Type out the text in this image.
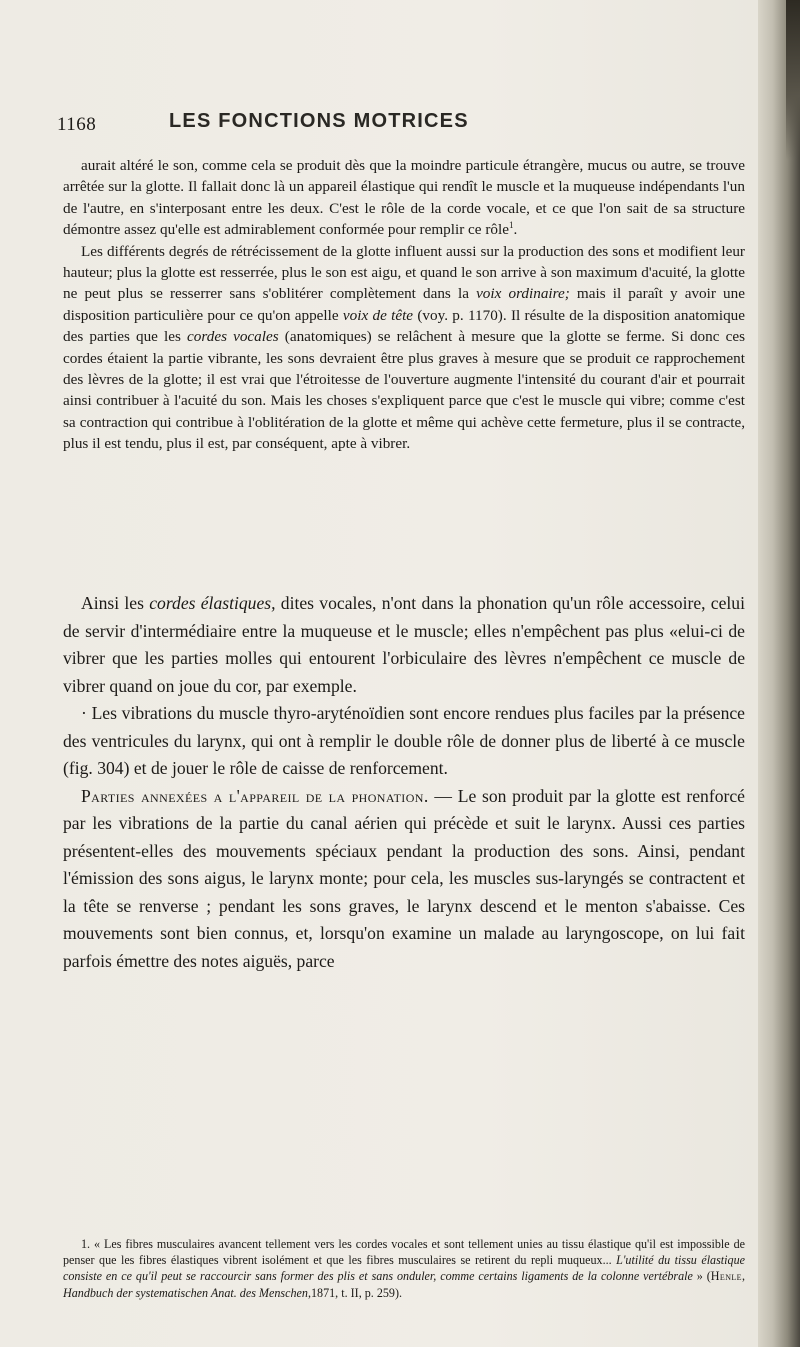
1168	LES FONCTIONS MOTRICES

aurait altéré le son, comme cela se produit dès que la moindre particule étrangère, mucus ou autre, se trouve arrêtée sur la glotte. Il fallait donc là un appareil élastique qui rendît le muscle et la muqueuse indépendants l'un de l'autre, en s'interposant entre les deux. C'est le rôle de la corde vocale, et ce que l'on sait de sa structure démontre assez qu'elle est admirablement conformée pour remplir ce rôle$^1$.

Les différents degrés de rétrécissement de la glotte influent aussi sur la production des sons et modifient leur hauteur; plus la glotte est resserrée, plus le son est aigu, et quand le son arrive à son maximum d'acuité, la glotte ne peut plus se resserrer sans s'oblitérer complètement dans la voix ordinaire; mais il paraît y avoir une disposition particulière pour ce qu'on appelle voix de tête (voy. p. 1170). Il résulte de la disposition anatomique des parties que les cordes vocales (anatomiques) se relâchent à mesure que la glotte se ferme. Si donc ces cordes étaient la partie vibrante, les sons devraient être plus graves à mesure que se produit ce rapprochement des lèvres de la glotte; il est vrai que l'étroitesse de l'ouverture augmente l'intensité du courant d'air et pourrait ainsi contribuer à l'acuité du son. Mais les choses s'expliquent parce que c'est le muscle qui vibre; comme c'est sa contraction qui contribue à l'oblitération de la glotte et même qui achève cette fermeture, plus il se contracte, plus il est tendu, plus il est, par conséquent, apte à vibrer.

Ainsi les cordes élastiques, dites vocales, n'ont dans la phonation qu'un rôle accessoire, celui de servir d'intermédiaire entre la muqueuse et le muscle; elles n'empêchent pas plus «elui-ci de vibrer que les parties molles qui entourent l'orbiculaire des lèvres n'empêchent ce muscle de vibrer quand on joue du cor, par exemple.

· Les vibrations du muscle thyro-aryténoïdien sont encore rendues plus faciles par la présence des ventricules du larynx, qui ont à remplir le double rôle de donner plus de liberté à ce muscle (fig. 304) et de jouer le rôle de caisse de renforcement.

Parties annexées a l'appareil de la phonation. — Le son produit par la glotte est renforcé par les vibrations de la partie du canal aérien qui précède et suit le larynx. Aussi ces parties présentent-elles des mouvements spéciaux pendant la production des sons. Ainsi, pendant l'émission des sons aigus, le larynx monte; pour cela, les muscles sus-laryngés se contractent et la tête se renverse ; pendant les sons graves, le larynx descend et le menton s'abaisse. Ces mouvements sont bien connus, et, lorsqu'on examine un malade au laryngoscope, on lui fait parfois émettre des notes aiguës, parce

1. « Les fibres musculaires avancent tellement vers les cordes vocales et sont tellement unies au tissu élastique qu'il est impossible de penser que les fibres élastiques vibrent isolément et que les fibres musculaires se retirent du repli muqueux... L'utilité du tissu élastique consiste en ce qu'il peut se raccourcir sans former des plis et sans onduler, comme certains ligaments de la colonne vertébrale » (Henle, Handbuch der systematischen Anat. des Menschen,1871, t. II, p. 259).
